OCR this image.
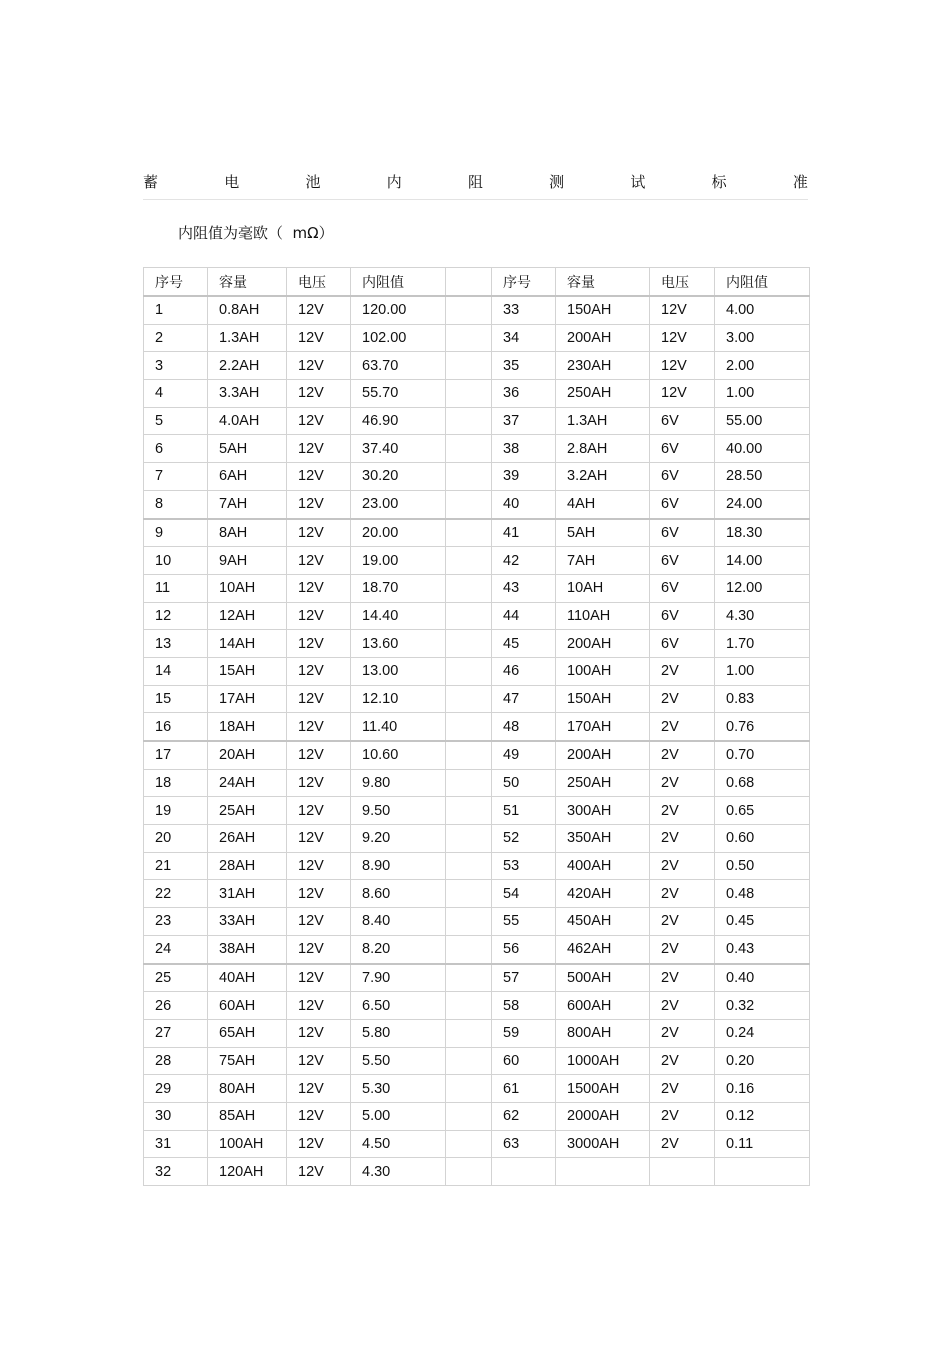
蓄	电	池	内	阻	测	试	标	准
内阻值为毫欧（  mΩ）
序号	容量	电压	内阻值		序号	容量	电压	内阻值
1	0.8AH	12V	120.00		33	150AH	12V	4.00
2	1.3AH	12V	102.00		34	200AH	12V	3.00
3	2.2AH	12V	63.70		35	230AH	12V	2.00
4	3.3AH	12V	55.70		36	250AH	12V	1.00
5	4.0AH	12V	46.90		37	1.3AH	6V	55.00
6	5AH	12V	37.40		38	2.8AH	6V	40.00
7	6AH	12V	30.20		39	3.2AH	6V	28.50
8	7AH	12V	23.00		40	4AH	6V	24.00
9	8AH	12V	20.00		41	5AH	6V	18.30
10	9AH	12V	19.00		42	7AH	6V	14.00
11	10AH	12V	18.70		43	10AH	6V	12.00
12	12AH	12V	14.40		44	110AH	6V	4.30
13	14AH	12V	13.60		45	200AH	6V	1.70
14	15AH	12V	13.00		46	100AH	2V	1.00
15	17AH	12V	12.10		47	150AH	2V	0.83
16	18AH	12V	11.40		48	170AH	2V	0.76
17	20AH	12V	10.60		49	200AH	2V	0.70
18	24AH	12V	9.80		50	250AH	2V	0.68
19	25AH	12V	9.50		51	300AH	2V	0.65
20	26AH	12V	9.20		52	350AH	2V	0.60
21	28AH	12V	8.90		53	400AH	2V	0.50
22	31AH	12V	8.60		54	420AH	2V	0.48
23	33AH	12V	8.40		55	450AH	2V	0.45
24	38AH	12V	8.20		56	462AH	2V	0.43
25	40AH	12V	7.90		57	500AH	2V	0.40
26	60AH	12V	6.50		58	600AH	2V	0.32
27	65AH	12V	5.80		59	800AH	2V	0.24
28	75AH	12V	5.50		60	1000AH	2V	0.20
29	80AH	12V	5.30		61	1500AH	2V	0.16
30	85AH	12V	5.00		62	2000AH	2V	0.12
31	100AH	12V	4.50		63	3000AH	2V	0.11
32	120AH	12V	4.30					
